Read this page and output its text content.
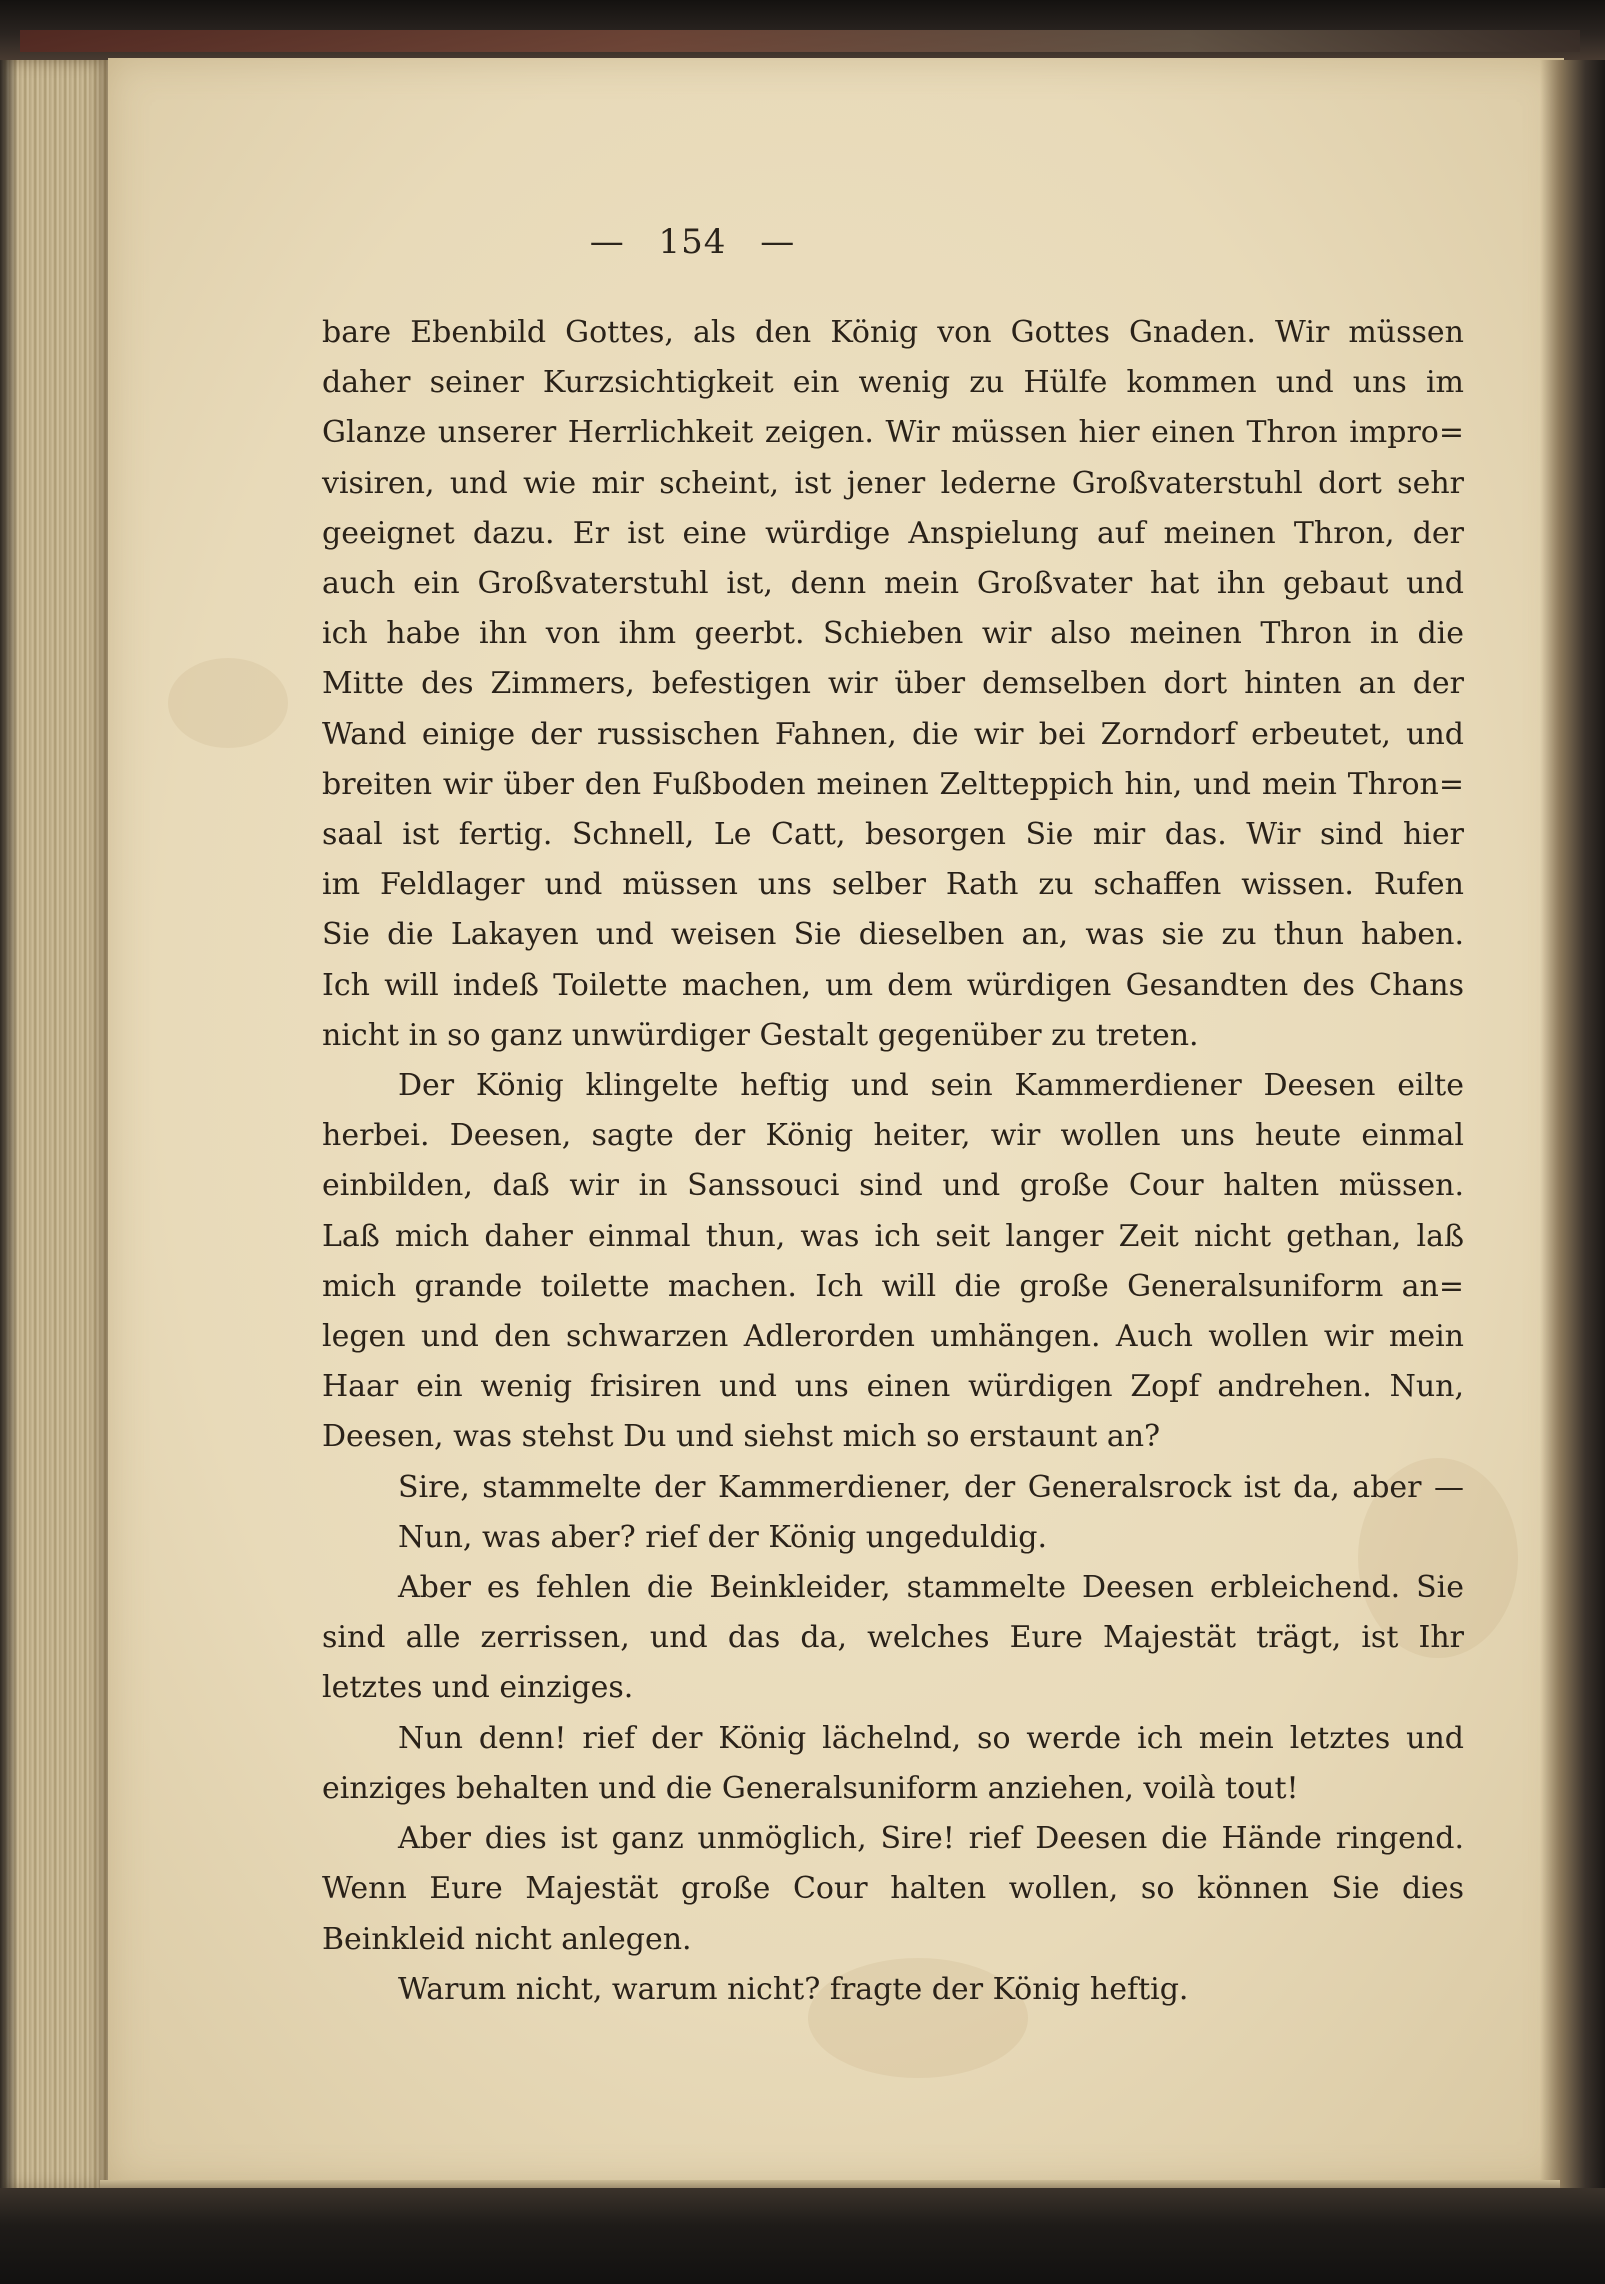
— 154 —
bare Ebenbild Gottes, als den König von Gottes Gnaden. Wir müssen
daher seiner Kurzsichtigkeit ein wenig zu Hülfe kommen und uns im
Glanze unserer Herrlichkeit zeigen. Wir müssen hier einen Thron impro=
visiren, und wie mir scheint, ist jener lederne Großvaterstuhl dort sehr
geeignet dazu. Er ist eine würdige Anspielung auf meinen Thron, der
auch ein Großvaterstuhl ist, denn mein Großvater hat ihn gebaut und
ich habe ihn von ihm geerbt. Schieben wir also meinen Thron in die
Mitte des Zimmers, befestigen wir über demselben dort hinten an der
Wand einige der russischen Fahnen, die wir bei Zorndorf erbeutet, und
breiten wir über den Fußboden meinen Zeltteppich hin, und mein Thron=
saal ist fertig. Schnell, Le Catt, besorgen Sie mir das. Wir sind hier
im Feldlager und müssen uns selber Rath zu schaffen wissen. Rufen
Sie die Lakayen und weisen Sie dieselben an, was sie zu thun haben.
Ich will indeß Toilette machen, um dem würdigen Gesandten des Chans
nicht in so ganz unwürdiger Gestalt gegenüber zu treten.
Der König klingelte heftig und sein Kammerdiener Deesen eilte
herbei. Deesen, sagte der König heiter, wir wollen uns heute einmal
einbilden, daß wir in Sanssouci sind und große Cour halten müssen.
Laß mich daher einmal thun, was ich seit langer Zeit nicht gethan, laß
mich grande toilette machen. Ich will die große Generalsuniform an=
legen und den schwarzen Adlerorden umhängen. Auch wollen wir mein
Haar ein wenig frisiren und uns einen würdigen Zopf andrehen. Nun,
Deesen, was stehst Du und siehst mich so erstaunt an?
Sire, stammelte der Kammerdiener, der Generalsrock ist da, aber —
Nun, was aber? rief der König ungeduldig.
Aber es fehlen die Beinkleider, stammelte Deesen erbleichend. Sie
sind alle zerrissen, und das da, welches Eure Majestät trägt, ist Ihr
letztes und einziges.
Nun denn! rief der König lächelnd, so werde ich mein letztes und
einziges behalten und die Generalsuniform anziehen, voilà tout!
Aber dies ist ganz unmöglich, Sire! rief Deesen die Hände ringend.
Wenn Eure Majestät große Cour halten wollen, so können Sie dies
Beinkleid nicht anlegen.
Warum nicht, warum nicht? fragte der König heftig.
